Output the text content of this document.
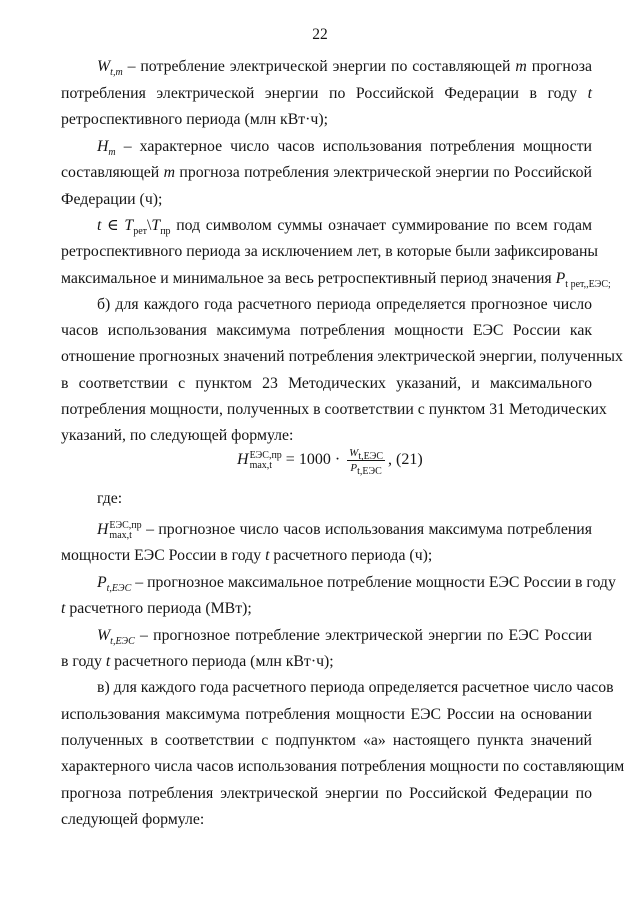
22
$W_{t,m}$ – потребление электрической энергии по составляющей m прогноза
потребления электрической энергии по Российской Федерации в году t
ретроспективного периода (млн кВт·ч);
$H_m$ – характерное число часов использования потребления мощности
составляющей m прогноза потребления электрической энергии по Российской
Федерации (ч);
t ∈ $T_{рет}\backslash T_{пр}$ под символом суммы означает суммирование по всем годам
ретроспективного периода за исключением лет, в которые были зафиксированы
максимальное и минимальное за весь ретроспективный период значения $P_{t рет,,ЕЭС;}$
б) для каждого года расчетного периода определяется прогнозное число
часов использования максимума потребления мощности ЕЭС России как
отношение прогнозных значений потребления электрической энергии, полученных
в соответствии с пунктом 23 Методических указаний, и максимального
потребления мощности, полученных в соответствии с пунктом 31 Методических
указаний, по следующей формуле:
H ЕЭС,пр
$\max,t = 1000 \cdot \frac{W_{t,ЕЭС}}{P_{t,ЕЭС}}$ , (21)
где:
H ЕЭС,пр
max,t – прогнозное число часов использования максимума потребления
мощности ЕЭС России в году t расчетного периода (ч);
$P_{t,ЕЭС}$ – прогнозное максимальное потребление мощности ЕЭС России в году
t расчетного периода (МВт);
$W_{t,ЕЭС}$ – прогнозное потребление электрической энергии по ЕЭС России
в году t расчетного периода (млн кВт·ч);
в) для каждого года расчетного периода определяется расчетное число часов
использования максимума потребления мощности ЕЭС России на основании
полученных в соответствии с подпунктом «а» настоящего пункта значений
характерного числа часов использования потребления мощности по составляющим
прогноза потребления электрической энергии по Российской Федерации по
следующей формуле:
